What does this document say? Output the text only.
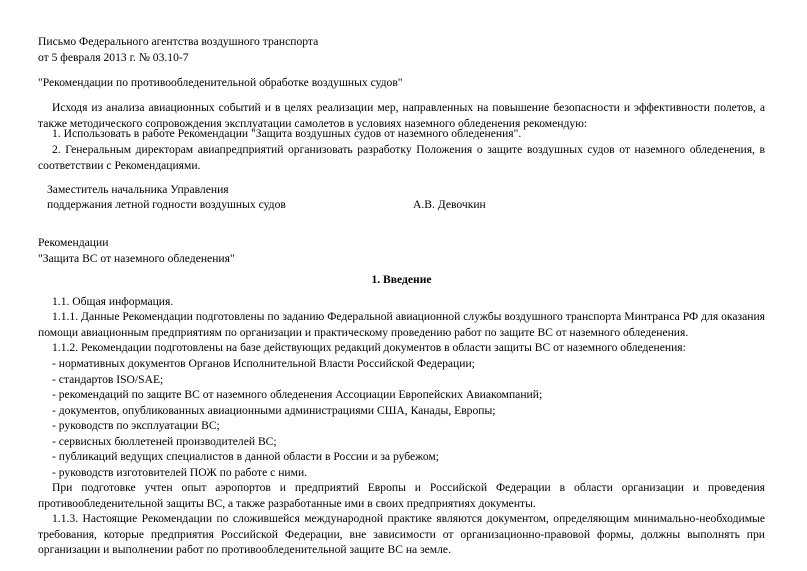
Письмо Федерального агентства воздушного транспорта
от 5 февраля 2013 г. № 03.10-7
"Рекомендации по противообледенительной обработке воздушных судов"
Исходя из анализа авиационных событий и в целях реализации мер, направленных на повышение безопасности и эффективности полетов, а также методического сопровождения эксплуатации самолетов в условиях наземного обледенения рекомендую:
1. Использовать в работе Рекомендации "Защита воздушных судов от наземного обледенения".
2. Генеральным директорам авиапредприятий организовать разработку Положения о защите воздушных судов от наземного обледенения, в соответствии с Рекомендациями.
Заместитель начальника Управления
поддержания летной годности воздушных судов	А.В. Девочкин
Рекомендации
"Защита ВС от наземного обледенения"
1. Введение
1.1. Общая информация.
1.1.1. Данные Рекомендации подготовлены по заданию Федеральной авиационной службы воздушного транспорта Минтранса РФ для оказания помощи авиационным предприятиям по организации и практическому проведению работ по защите ВС от наземного обледенения.
1.1.2. Рекомендации подготовлены на базе действующих редакций документов в области защиты ВС от наземного обледенения:
- нормативных документов Органов Исполнительной Власти Российской Федерации;
- стандартов ISO/SAE;
- рекомендаций по защите ВС от наземного обледенения Ассоциации Европейских Авиакомпаний;
- документов, опубликованных авиационными администрациями США, Канады, Европы;
- руководств по эксплуатации ВС;
- сервисных бюллетеней производителей ВС;
- публикаций ведущих специалистов в данной области в России и за рубежом;
- руководств изготовителей ПОЖ по работе с ними.
При подготовке учтен опыт аэропортов и предприятий Европы и Российской Федерации в области организации и проведения противообледенительной защиты ВС, а также разработанные ими в своих предприятиях документы.
1.1.3. Настоящие Рекомендации по сложившейся международной практике являются документом, определяющим минимально-необходимые требования, которые предприятия Российской Федерации, вне зависимости от организационно-правовой формы, должны выполнять при организации и выполнении работ по противообледенительной защите ВС на земле.
